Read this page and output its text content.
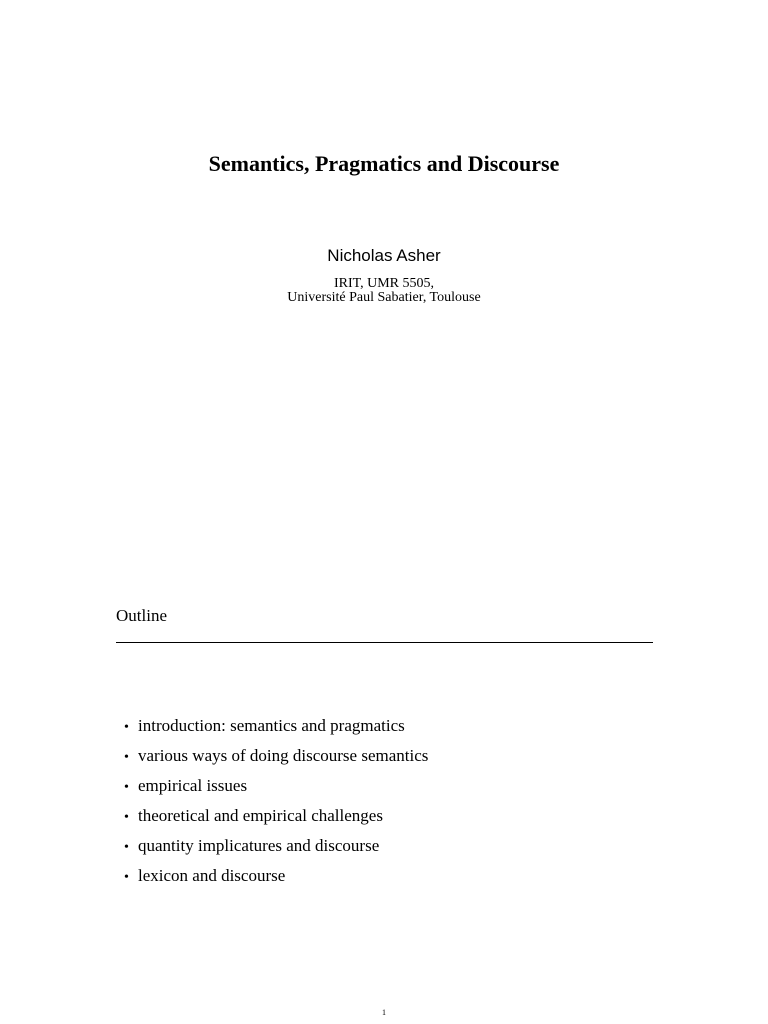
Semantics, Pragmatics and Discourse
Nicholas Asher
IRIT, UMR 5505,
Université Paul Sabatier, Toulouse
Outline
• introduction: semantics and pragmatics
• various ways of doing discourse semantics
• empirical issues
• theoretical and empirical challenges
• quantity implicatures and discourse
• lexicon and discourse
1
